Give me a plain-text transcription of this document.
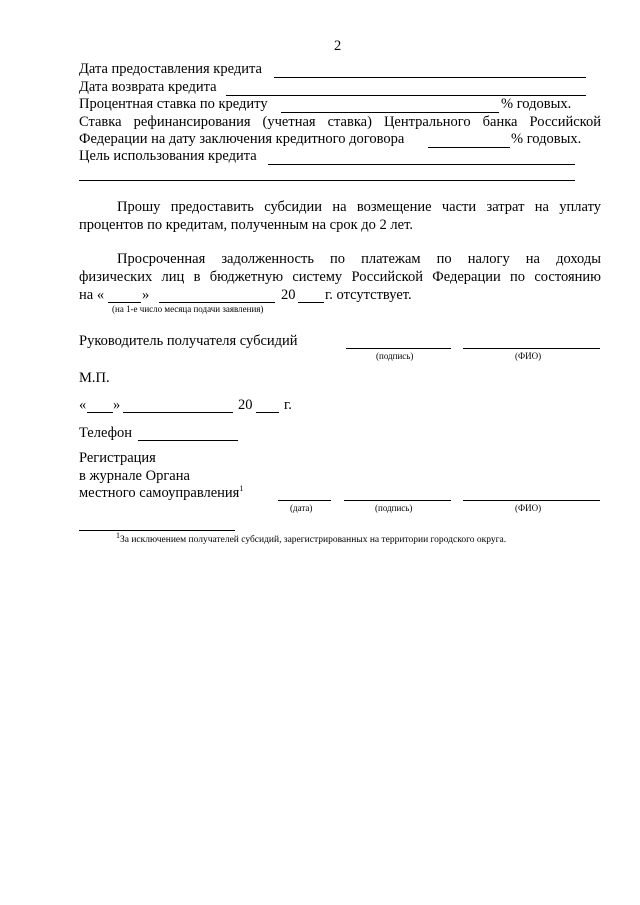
2
Дата предоставления кредита
Дата возврата кредита
Процентная ставка по кредиту	% годовых.
Ставка рефинансирования (учетная ставка) Центрального банка Российской
Федерации на дату заключения кредитного договора	% годовых.
Цель использования кредита
Прошу предоставить субсидии на возмещение части затрат на уплату
процентов по кредитам, полученным на срок до 2 лет.
Просроченная задолженность по платежам по налогу на доходы
физических лиц в бюджетную систему Российской Федерации по состоянию
на «	»	20 г. отсутствует.
(на 1-е число месяца подачи заявления)
Руководитель получателя субсидий
(подпись)	(ФИО)
М.П.
« »	20 г.
Телефон
Регистрация
в журнале Органа
местного самоуправления$^1$
(дата)	(подпись)	(ФИО)
$^1$За исключением получателей субсидий, зарегистрированных на территории городского округа.
